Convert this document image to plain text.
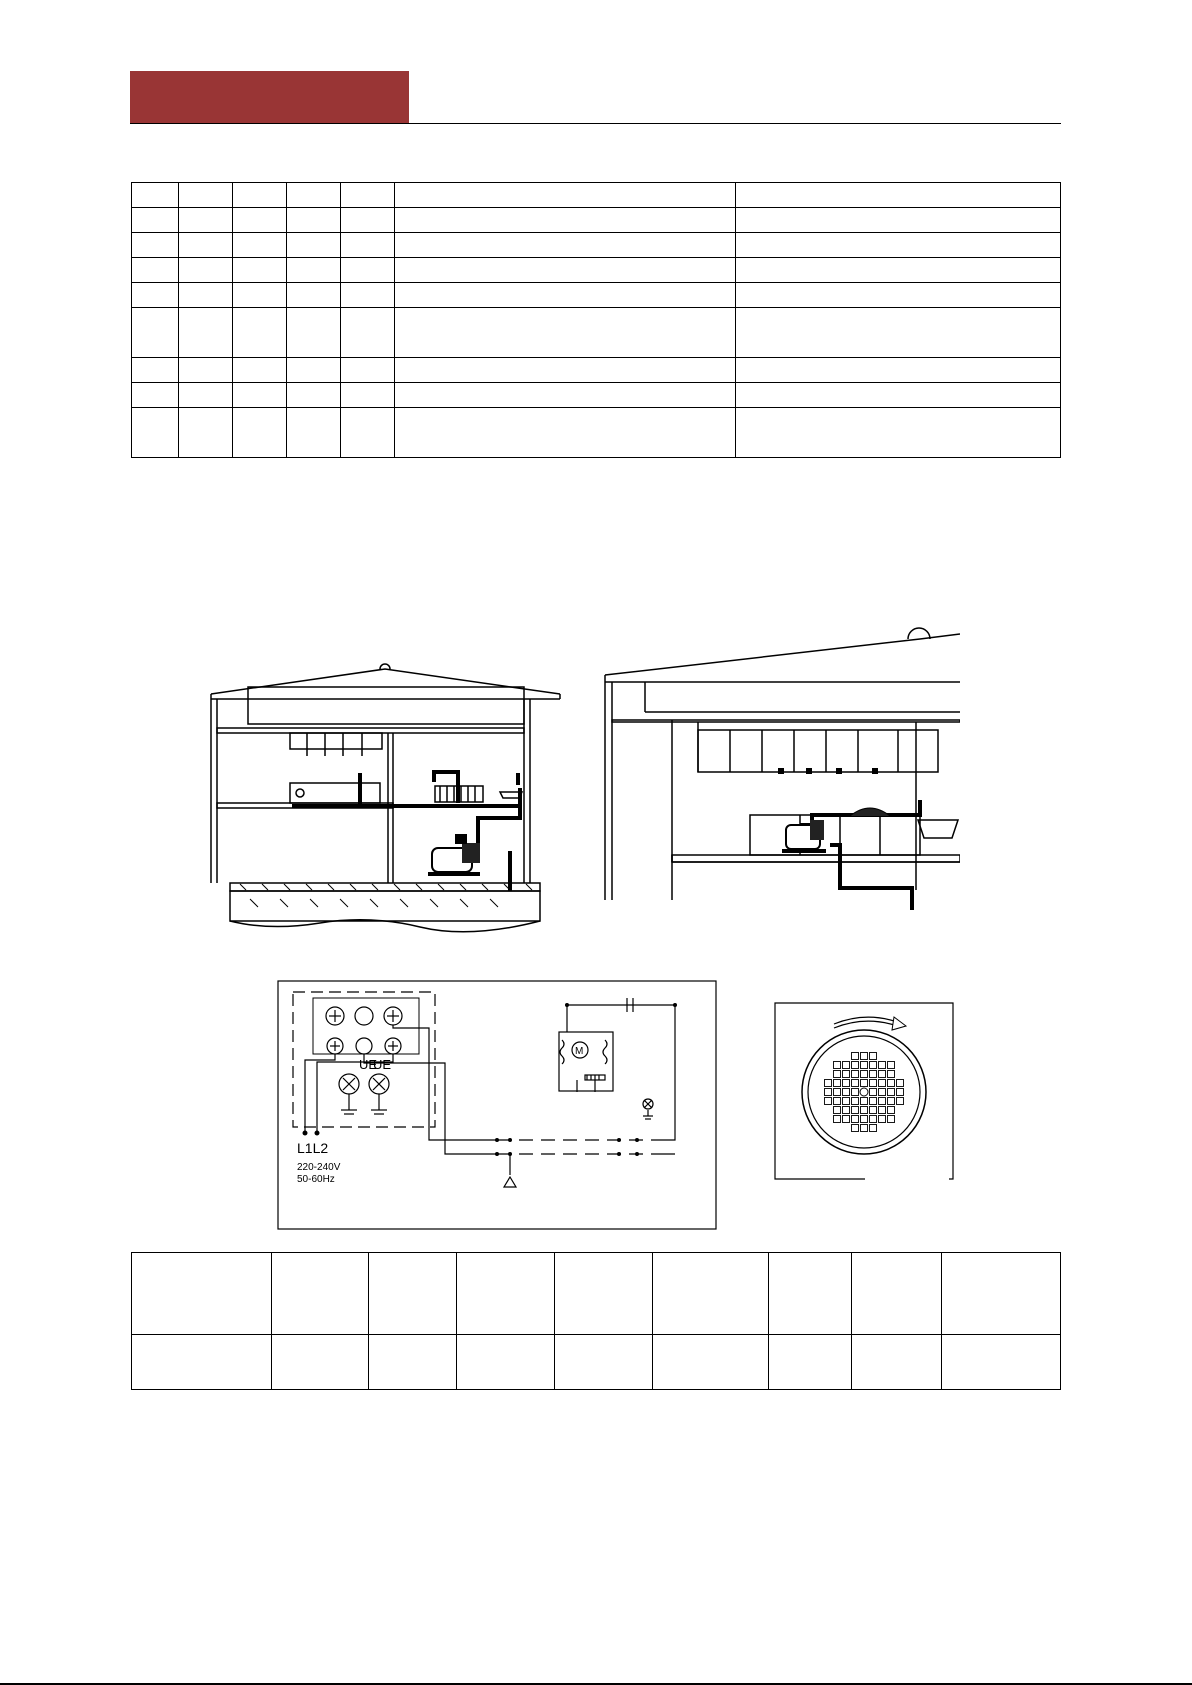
UE
UE
L1L2
220-240V
50-60Hz
M
